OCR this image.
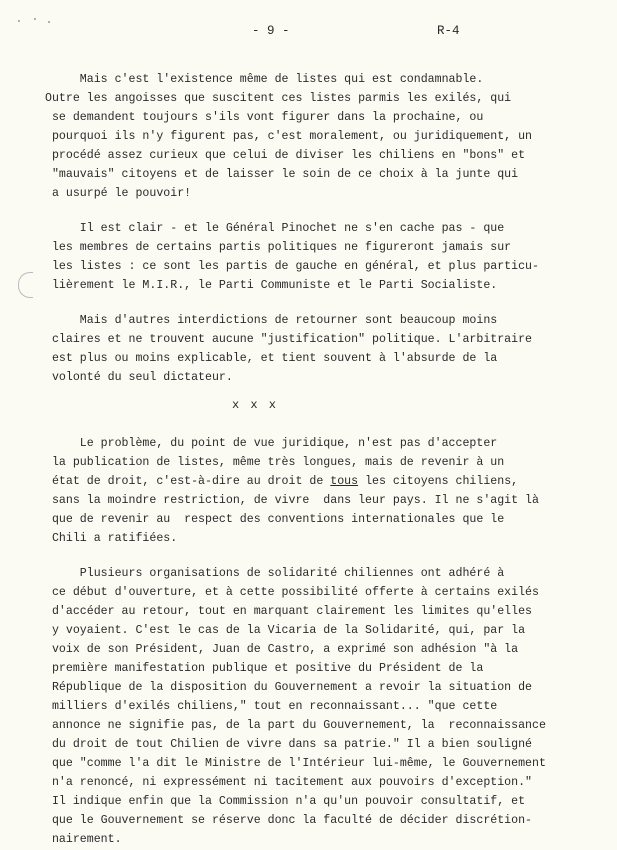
- 9 -	R-4
Mais c'est l'existence même de listes qui est condamnable.
Outre les angoisses que suscitent ces listes parmis les exilés, qui
se demandent toujours s'ils vont figurer dans la prochaine, ou
pourquoi ils n'y figurent pas, c'est moralement, ou juridiquement, un
procédé assez curieux que celui de diviser les chiliens en "bons" et
"mauvais" citoyens et de laisser le soin de ce choix à la junte qui
a usurpé le pouvoir!
Il est clair - et le Général Pinochet ne s'en cache pas - que
les membres de certains partis politiques ne figureront jamais sur
les listes : ce sont les partis de gauche en général, et plus particu-
lièrement le M.I.R., le Parti Communiste et le Parti Socialiste.
Mais d'autres interdictions de retourner sont beaucoup moins
claires et ne trouvent aucune "justification" politique. L'arbitraire
est plus ou moins explicable, et tient souvent à l'absurde de la
volonté du seul dictateur.
Le problème, du point de vue juridique, n'est pas d'accepter
la publication de listes, même très longues, mais de revenir à un
état de droit, c'est-à-dire au droit de tous les citoyens chiliens,
sans la moindre restriction, de vivre  dans leur pays. Il ne s'agit là
que de revenir au  respect des conventions internationales que le
Chili a ratifiées.
Plusieurs organisations de solidarité chiliennes ont adhéré à
ce début d'ouverture, et à cette possibilité offerte à certains exilés
d'accéder au retour, tout en marquant clairement les limites qu'elles
y voyaient. C'est le cas de la Vicaria de la Solidarité, qui, par la
voix de son Président, Juan de Castro, a exprimé son adhésion "à la
première manifestation publique et positive du Président de la
République de la disposition du Gouvernement a revoir la situation de
milliers d'exilés chiliens," tout en reconnaissant... "que cette
annonce ne signifie pas, de la part du Gouvernement, la  reconnaissance
du droit de tout Chilien de vivre dans sa patrie." Il a bien souligné
que "comme l'a dit le Ministre de l'Intérieur lui-même, le Gouvernement
n'a renoncé, ni expressément ni tacitement aux pouvoirs d'exception."
Il indique enfin que la Commission n'a qu'un pouvoir consultatif, et
que le Gouvernement se réserve donc la faculté de décider discrétion-
nairement.
x x x
